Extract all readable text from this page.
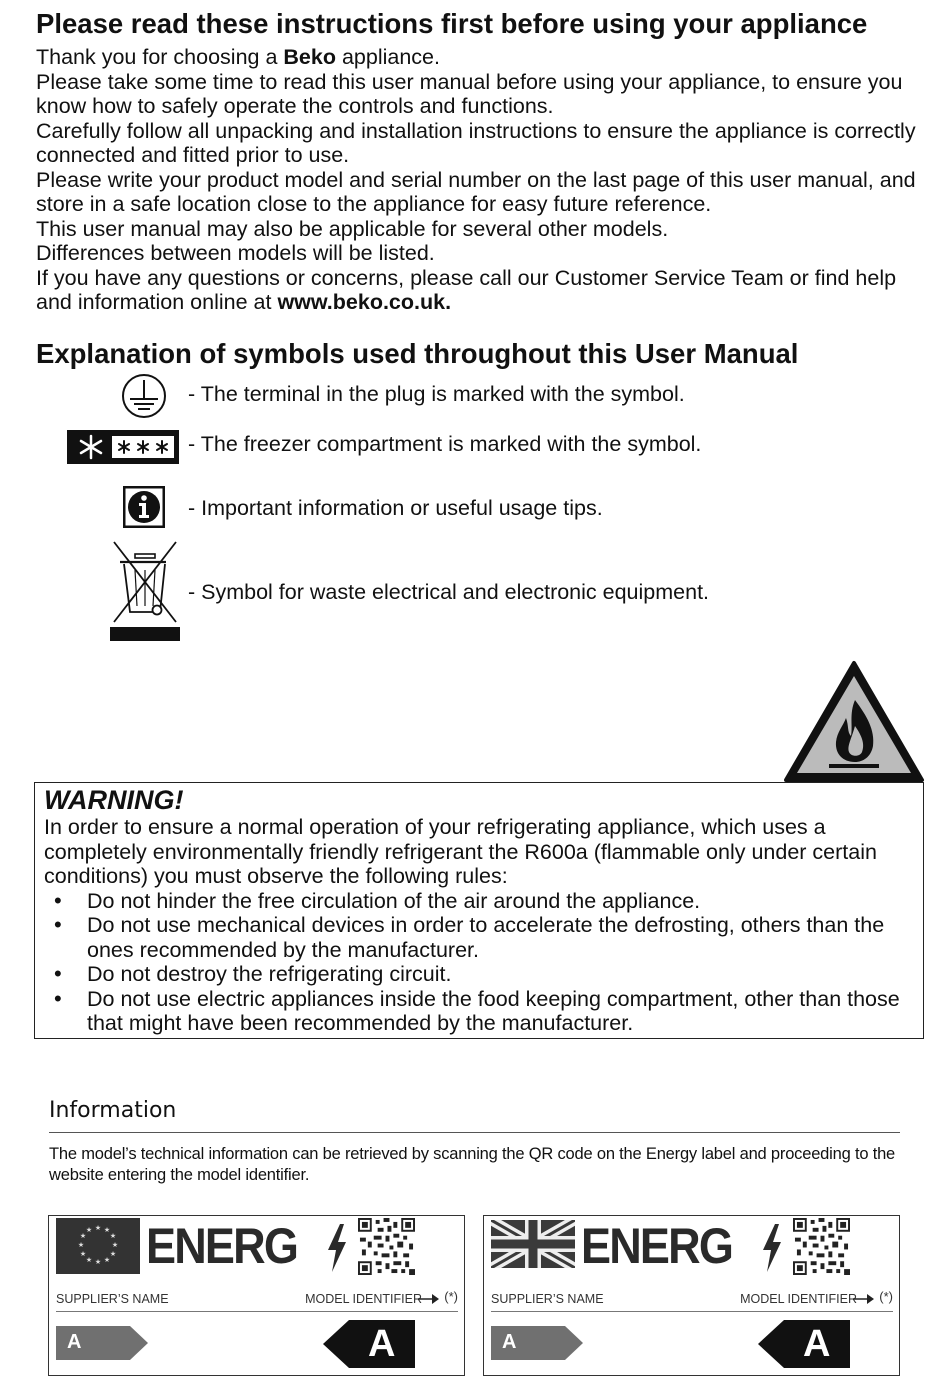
Please read these instructions first before using your appliance

Thank you for choosing a Beko appliance.

Please take some time to read this user manual before using your appliance, to ensure you know how to safely operate the controls and functions.

Carefully follow all unpacking and installation instructions to ensure the appliance is correctly connected and fitted prior to use.

Please write your product model and serial number on the last page of this user manual, and store in a safe location close to the appliance for easy future reference.

This user manual may also be applicable for several other models.

Differences between models will be listed.

If you have any questions or concerns, please call our Customer Service Team or find help and information online at www.beko.co.uk.

Explanation of symbols used throughout this User Manual
- The terminal in the plug is marked with the symbol.
- The freezer compartment is marked with the symbol.
- Important information or useful usage tips.
- Symbol for waste electrical and electronic equipment.
WARNING!
In order to ensure a normal operation of your refrigerating appliance, which uses a completely environmentally friendly refrigerant the R600a (flammable only under certain conditions) you must observe the following rules:
• Do not hinder the free circulation of the air around the appliance.
• Do not use mechanical devices in order to accelerate the defrosting, others than the ones recommended by the manufacturer.
• Do not destroy the refrigerating circuit.
• Do not use electric appliances inside the food keeping compartment, other than those that might have been recommended by the manufacturer.
Information
The model’s technical information can be retrieved by scanning the QR code on the Energy label and proceeding to the website entering the model identifier.
★ ★
★
★
★
★
★
★
★
★
★
★ ENERG
SUPPLIER’S NAME	MODEL IDENTIFIER (*)
A	A
ENERG
SUPPLIER’S NAME	MODEL IDENTIFIER (*)
A	A
